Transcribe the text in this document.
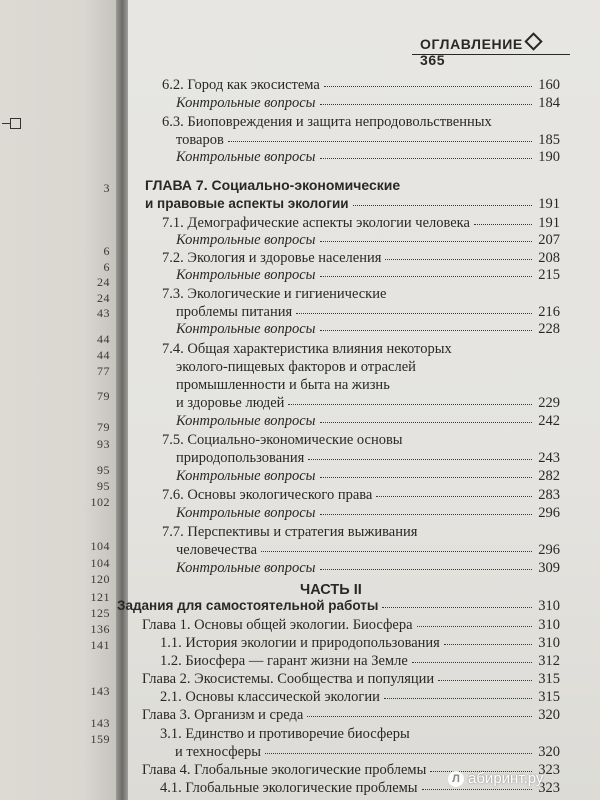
3
6
6
24
24
43
44
44
77
79
79
93
95
95
102
104
104
120
121
125
136
141
143
143
159
ОГЛАВЛЕНИЕ365
6.2. Город как экосистема	160
Контрольные вопросы	184
6.3. Биоповреждения и защита непродовольственных
товаров	185
Контрольные вопросы	190
ГЛАВА 7. Социально-экономические
и правовые аспекты экологии	191
7.1. Демографические аспекты экологии человека	191
Контрольные вопросы	207
7.2. Экология и здоровье населения	208
Контрольные вопросы	215
7.3. Экологические и гигиенические
проблемы питания	216
Контрольные вопросы	228
7.4. Общая характеристика влияния некоторых
эколого-пищевых факторов и отраслей
промышленности и быта на жизнь
и здоровье людей	229
Контрольные вопросы	242
7.5. Социально-экономические основы
природопользования	243
Контрольные вопросы	282
7.6. Основы экологического права	283
Контрольные вопросы	296
7.7. Перспективы и стратегия выживания
человечества	296
Контрольные вопросы	309
ЧАСТЬ II
Задания для самостоятельной работы	310
Глава 1. Основы общей экологии. Биосфера	310
1.1. История экологии и природопользования	310
1.2. Биосфера — гарант жизни на Земле	312
Глава 2. Экосистемы. Сообщества и популяции	315
2.1. Основы классической экологии	315
Глава 3. Организм и среда	320
3.1. Единство и противоречие биосферы
и техносферы	320
Глава 4. Глобальные экологические проблемы	323
4.1. Глобальные экологические проблемы	323
Л абиринт.ру
